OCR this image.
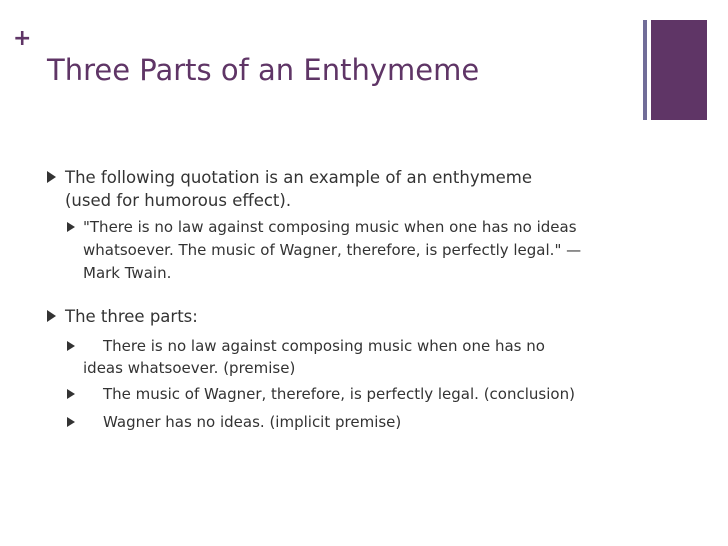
+
Three Parts of an Enthymeme
The following quotation is an example of an enthymeme
(used for humorous effect).
"There is no law against composing music when one has no ideas
whatsoever. The music of Wagner, therefore, is perfectly legal." —
Mark Twain.
The three parts:
There is no law against composing music when one has no
ideas whatsoever. (premise)
The music of Wagner, therefore, is perfectly legal. (conclusion)
Wagner has no ideas. (implicit premise)
